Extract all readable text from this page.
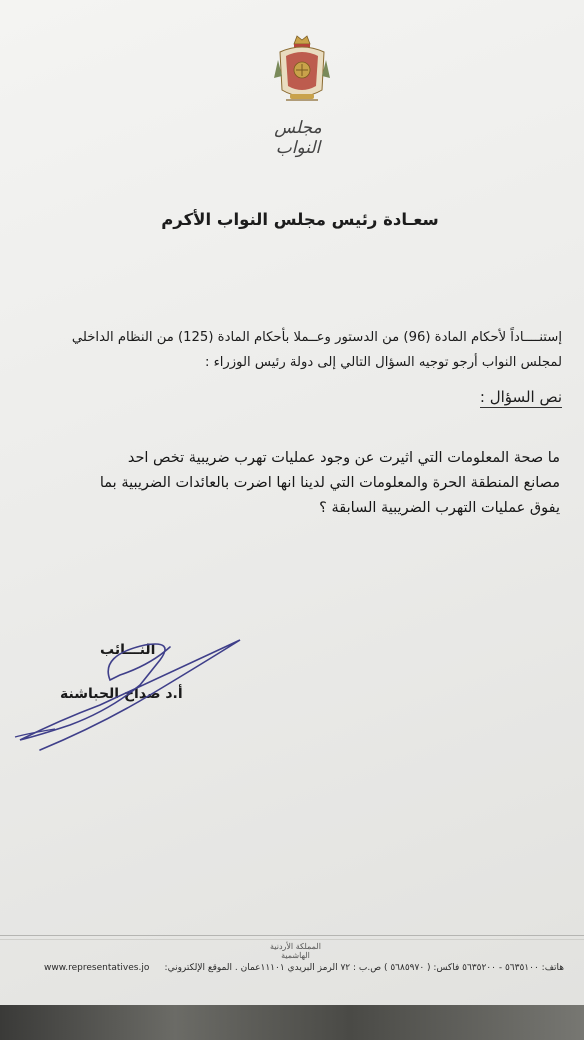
مجلس النواب
سعـادة رئيس مجلس النواب الأكرم
إستنــــاداً لأحكام المادة (96) من الدستور وعــملا بأحكام المادة (125) من النظام الداخلي
لمجلس النواب أرجو توجيه السؤال التالي إلى دولة رئيس الوزراء :
نص السؤال :
ما صحة المعلومات التي اثيرت عن وجود عمليات تهرب ضريبية تخص احد
مصانع المنطقة الحرة والمعلومات التي لدينا انها اضرت بالعائدات الضريبية بما
يفوق عمليات التهرب الضريبية السابقة ؟
النـــائب
أ.د صداح الحباشنة
المملكة الأردنية الهاشمية
هاتف: ٥٦٣٥١٠٠ - ٥٦٣٥٢٠٠ فاكس: ( ٥٦٨٥٩٧٠ ) ص.ب : ٧٢ الرمز البريدي ١١١٠١عمان . الموقع الإلكتروني:
www.representatives.jo
